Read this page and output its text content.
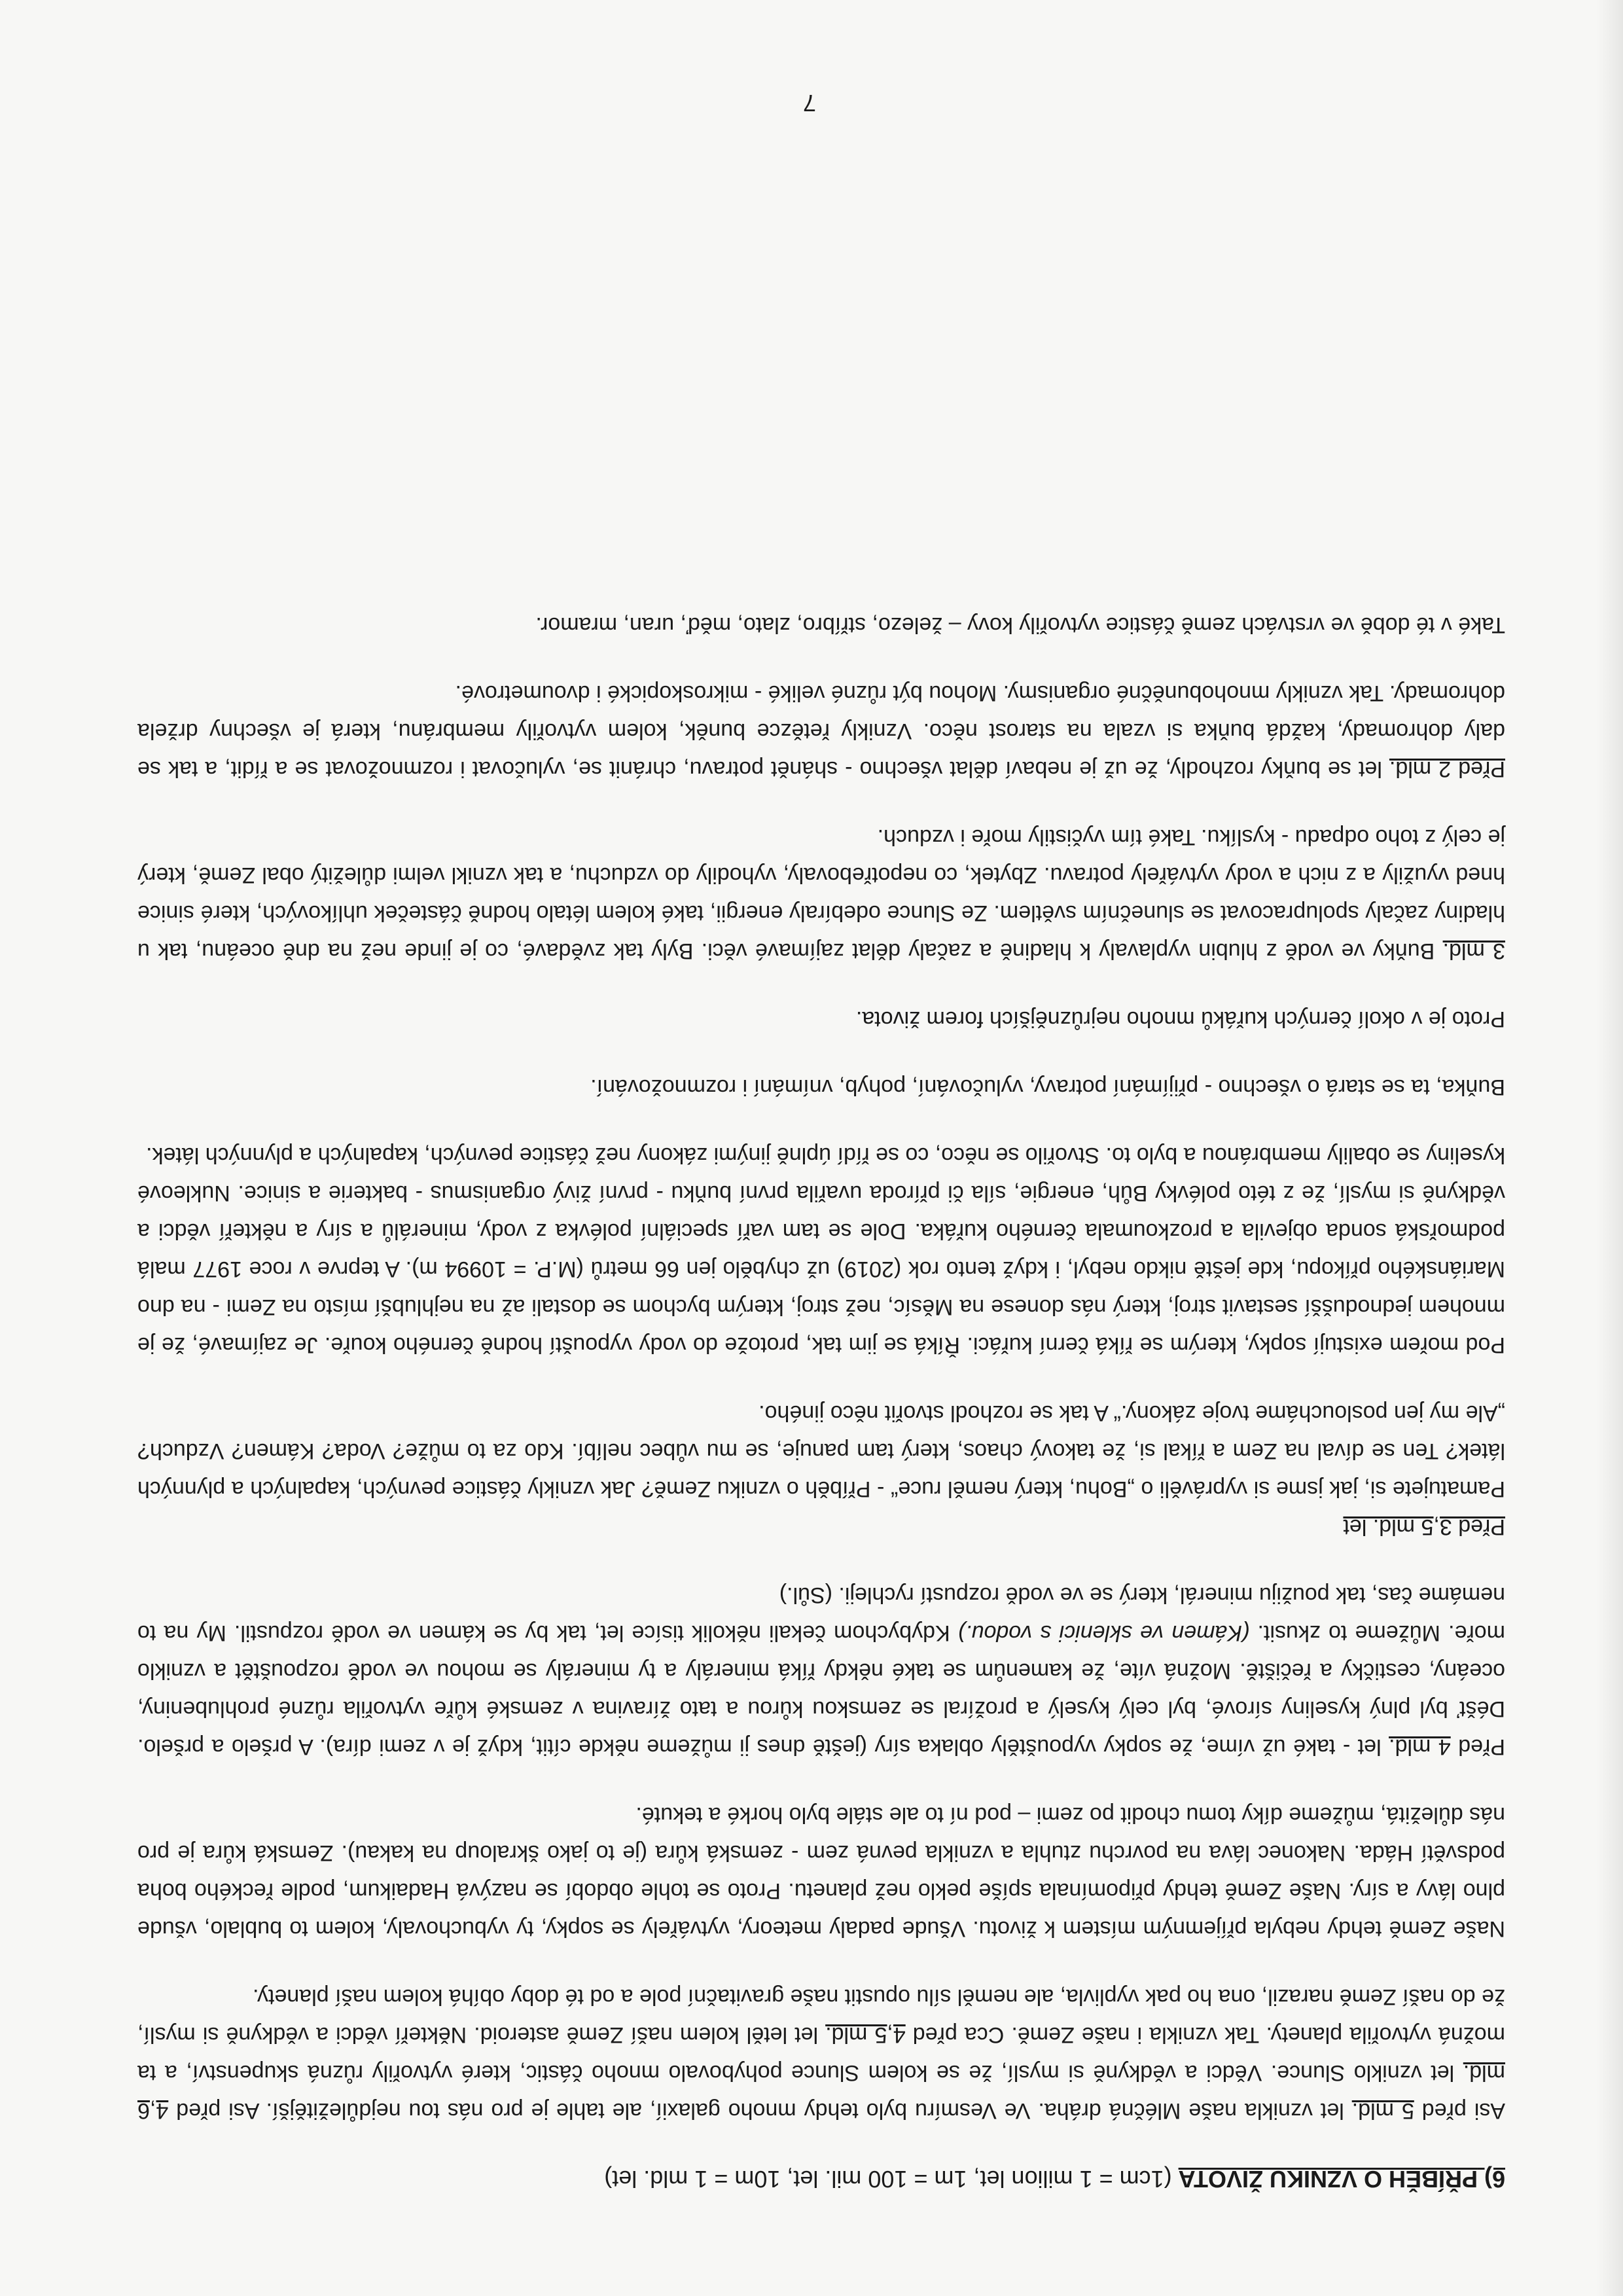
6) PŘÍBĚH O VZNIKU ŽIVOTA (1cm = 1 milion let, 1m = 100 mil. let, 10m = 1 mld. let)

Asi před 5 mld. let vznikla naše Mléčná dráha. Ve Vesmíru bylo tehdy mnoho galaxií, ale tahle je pro nás tou nejdůležitější. Asi před 4,6 mld. let vzniklo Slunce. Vědci a vědkyně si myslí, že se kolem Slunce pohybovalo mnoho částic, které vytvořily různá skupenství, a ta možná vytvořila planety. Tak vznikla i naše Země. Cca před 4,5 mld. let letěl kolem naší Země asteroid. Někteří vědci a vědkyně si myslí, že do naší Země narazil, ona ho pak vyplivla, ale neměl sílu opustit naše gravitační pole a od té doby obíhá kolem naší planety.

Naše Země tehdy nebyla příjemným místem k životu. Všude padaly meteory, vytvářely se sopky, ty vybuchovaly, kolem to bublalo, všude plno lávy a síry. Naše Země tehdy připomínala spíše peklo než planetu. Proto se tohle období se nazývá Hadaikum, podle řeckého boha podsvětí Háda. Nakonec láva na povrchu ztuhla a vznikla pevná zem - zemská kůra (je to jako škraloup na kakau). Zemská kůra je pro nás důležitá, můžeme díky tomu chodit po zemi – pod ní to ale stále bylo horké a tekuté.

Před 4 mld. let - také už víme, že sopky vypouštěly oblaka síry (ještě dnes ji můžeme někde cítit, když je v zemi díra). A pršelo a pršelo. Déšť byl plný kyseliny sírové, byl celý kyselý a prožíral se zemskou kůrou a tato žíravina v zemské kůře vytvořila různé prohlubeniny, oceány, cestičky a řečiště. Možná víte, že kamenům se také někdy říká minerály a ty minerály se mohou ve vodě rozpouštět a vzniklo moře. Můžeme to zkusit. (Kámen ve sklenici s vodou.) Kdybychom čekali několik tisíce let, tak by se kámen ve vodě rozpustil. My na to nemáme čas, tak použiju minerál, který se ve vodě rozpustí rychleji. (Sůl.)

Před 3,5 mld. let

Pamatujete si, jak jsme si vyprávěli o „Bohu, který neměl ruce“ - Příběh o vzniku Země? Jak vznikly částice pevných, kapalných a plynných látek? Ten se díval na Zem a říkal si, že takový chaos, který tam panuje, se mu vůbec nelíbí. Kdo za to může? Voda? Kámen? Vzduch? „Ale my jen posloucháme tvoje zákony.“ A tak se rozhodl stvořit něco jiného.

Pod mořem existují sopky, kterým se říká černí kuřáci. Říká se jim tak, protože do vody vypouští hodně černého kouře. Je zajímavé, že je mnohem jednodušší sestavit stroj, který nás donese na Měsíc, než stroj, kterým bychom se dostali až na nejhlubší místo na Zemi - na dno Mariánského příkopu, kde ještě nikdo nebyl, i když tento rok (2019) už chybělo jen 66 metrů (M.P. = 10994 m). A teprve v roce 1977 malá podmořská sonda objevila a prozkoumala černého kuřáka. Dole se tam vaří speciální polévka z vody, minerálů a síry a někteří vědci a vědkyně si myslí, že z této polévky Bůh, energie, síla či příroda uvařila první buňku - první živý organismus - bakterie a sinice. Nukleové kyseliny se obalily membránou a bylo to. Stvořilo se něco, co se řídí úplně jinými zákony než částice pevných, kapalných a plynných látek.

Buňka, ta se stará o všechno - přijímání potravy, vylučování, pohyb, vnímání i rozmnožování.

Proto je v okolí černých kuřáků mnoho nejrůznějších forem života.

3 mld. Buňky ve vodě z hlubin vyplavaly k hladině a začaly dělat zajímavé věci. Byly tak zvědavé, co je jinde než na dně oceánu, tak u hladiny začaly spolupracovat se slunečním světlem. Ze Slunce odebíraly energii, také kolem létalo hodně částeček uhlíkových, které sinice hned využily a z nich a vody vytvářely potravu. Zbytek, co nepotřebovaly, vyhodily do vzduchu, a tak vznikl velmi důležitý obal Země, který je celý z toho odpadu - kyslíku. Také tím vyčistily moře i vzduch.

Před 2 mld. let se buňky rozhodly, že už je nebaví dělat všechno - shánět potravu, chránit se, vylučovat i rozmnožovat se a řídit, a tak se daly dohromady, každá buňka si vzala na starost něco. Vznikly řetězce buněk, kolem vytvořily membránu, která je všechny držela dohromady. Tak vznikly mnohobuněčné organismy. Mohou být různé veliké - mikroskopické i dvoumetrové.

Také v té době ve vrstvách země částice vytvořily kovy – železo, stříbro, zlato, měď, uran, mramor.

7
